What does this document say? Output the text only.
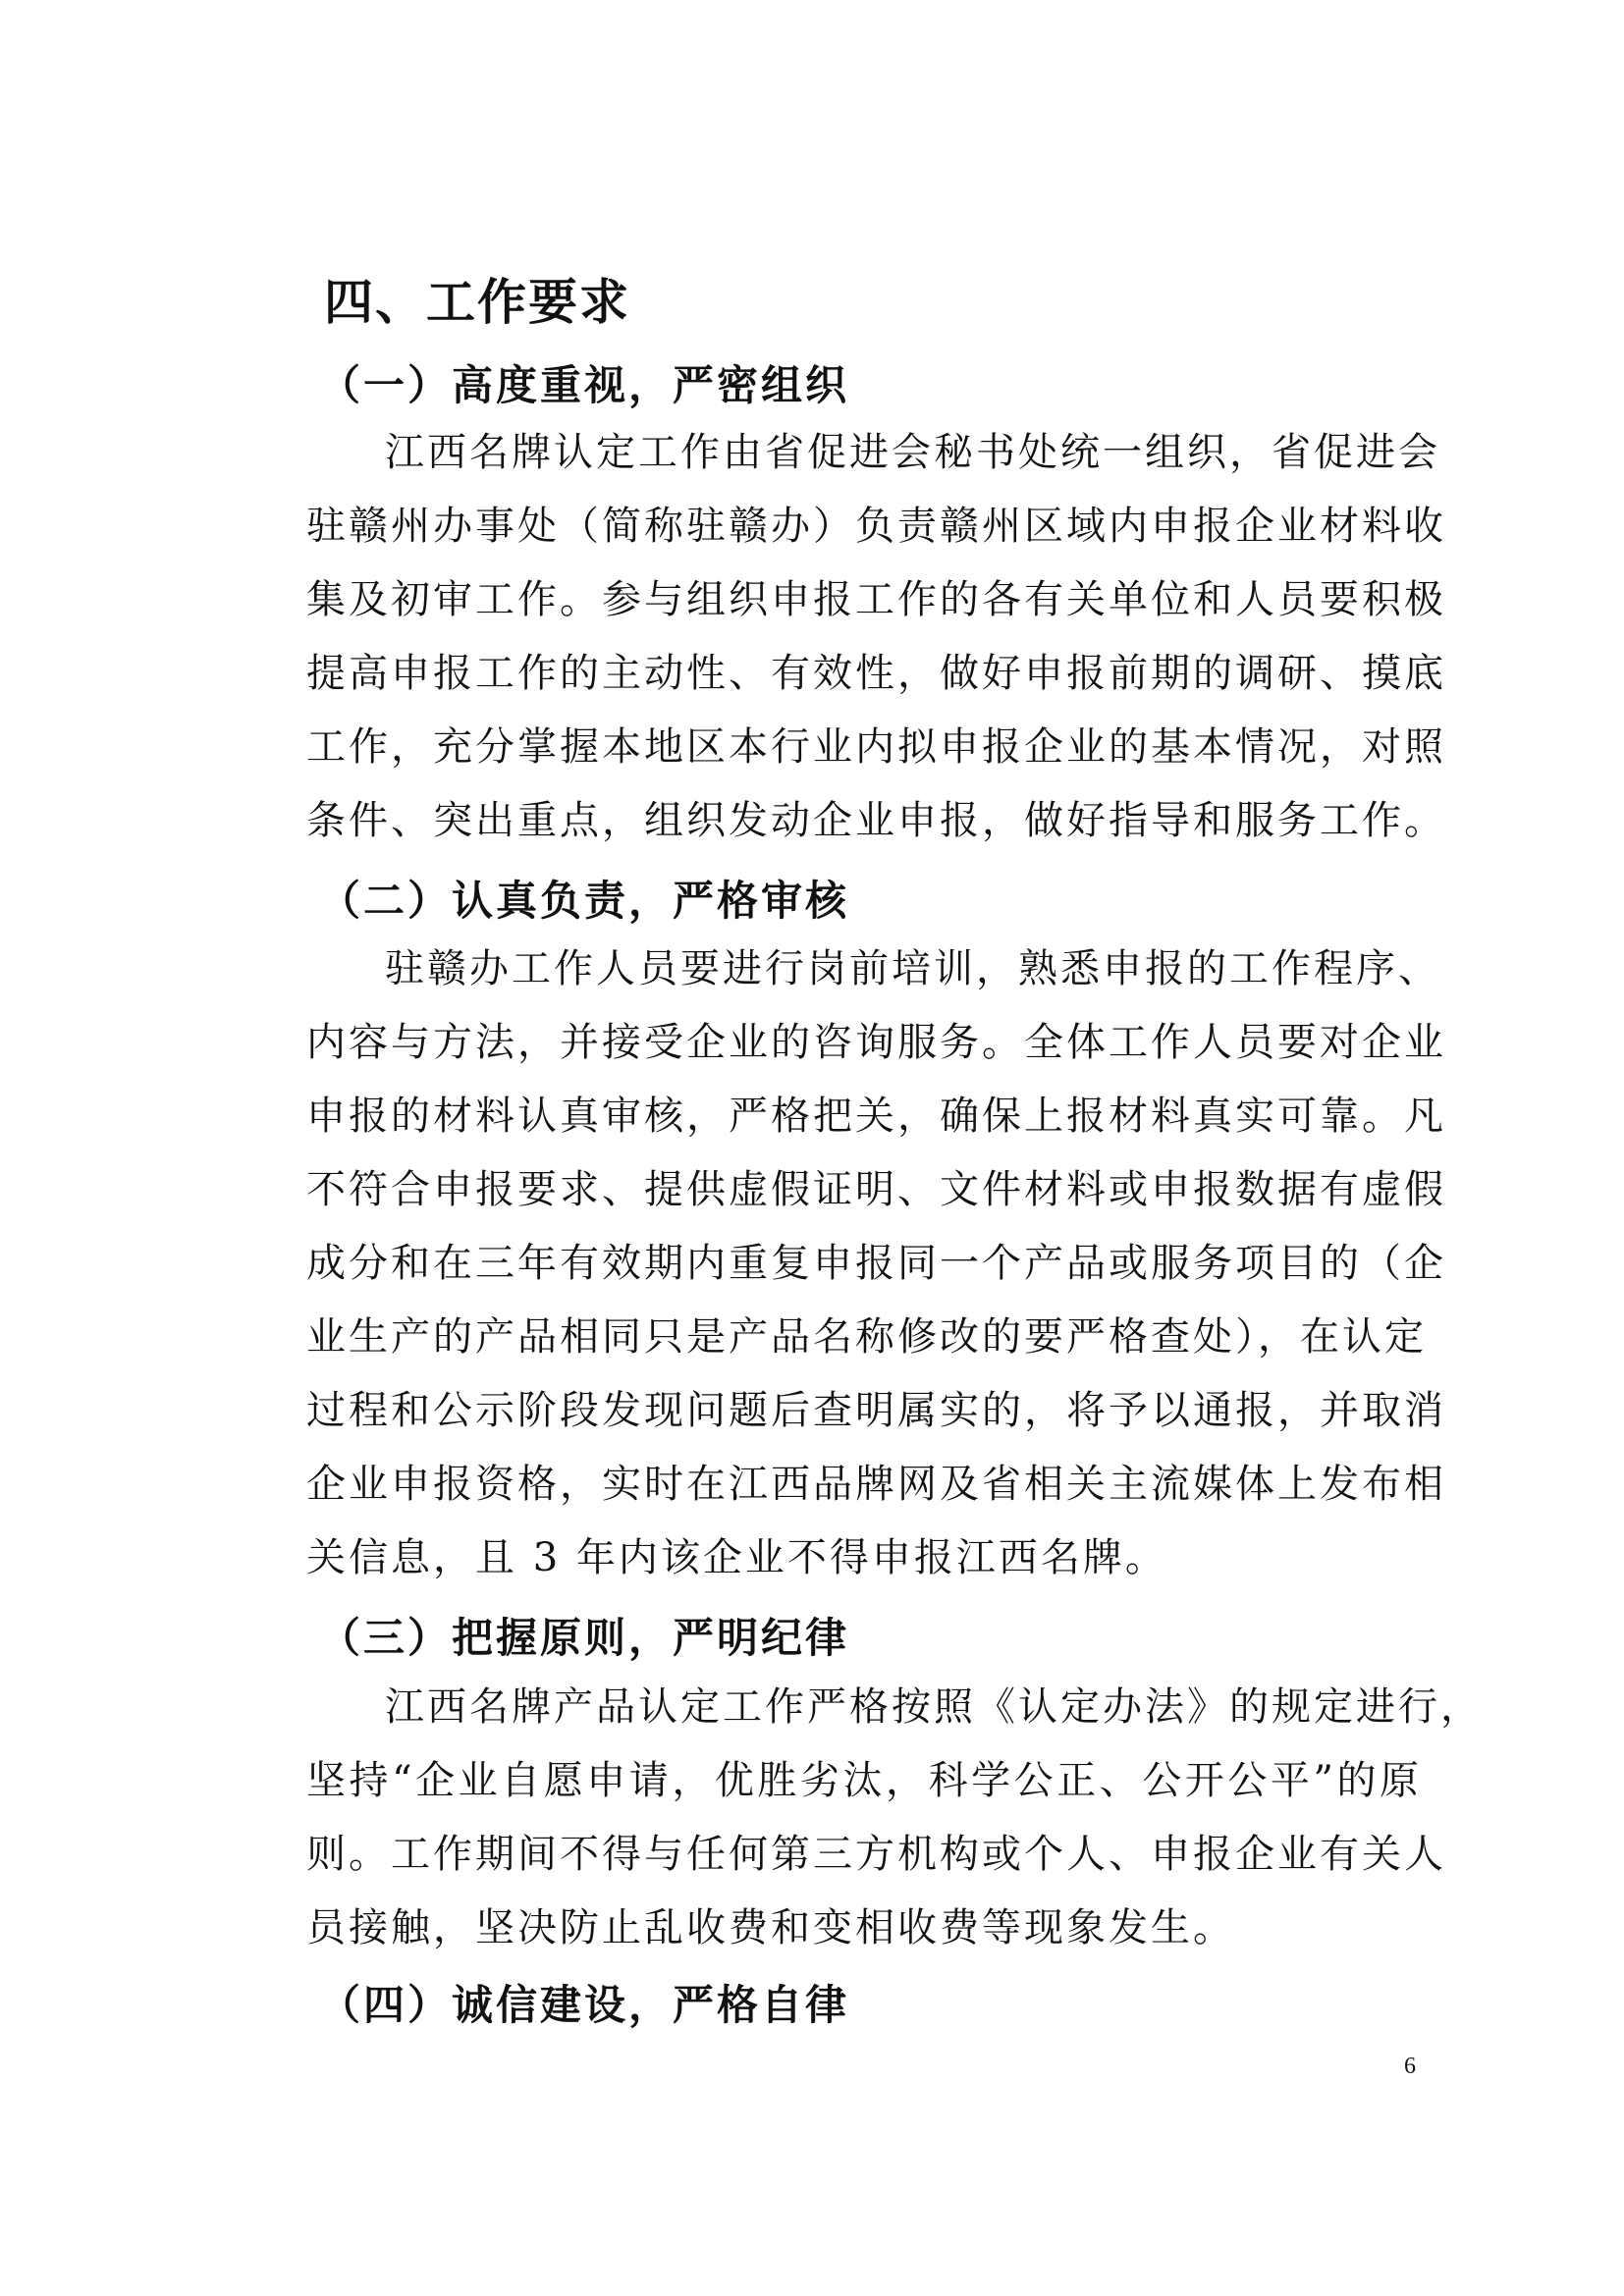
四、工作要求
（一）高度重视，严密组织
江西名牌认定工作由省促进会秘书处统一组织，省促进会
驻赣州办事处（简称驻赣办）负责赣州区域内申报企业材料收
集及初审工作。参与组织申报工作的各有关单位和人员要积极
提高申报工作的主动性、有效性，做好申报前期的调研、摸底
工作，充分掌握本地区本行业内拟申报企业的基本情况，对照
条件、突出重点，组织发动企业申报，做好指导和服务工作。
（二）认真负责，严格审核
驻赣办工作人员要进行岗前培训，熟悉申报的工作程序、
内容与方法，并接受企业的咨询服务。全体工作人员要对企业
申报的材料认真审核，严格把关，确保上报材料真实可靠。凡
不符合申报要求、提供虚假证明、文件材料或申报数据有虚假
成分和在三年有效期内重复申报同一个产品或服务项目的（企
业生产的产品相同只是产品名称修改的要严格查处），在认定
过程和公示阶段发现问题后查明属实的，将予以通报，并取消
企业申报资格，实时在江西品牌网及省相关主流媒体上发布相
关信息，且 3 年内该企业不得申报江西名牌。
（三）把握原则，严明纪律
江西名牌产品认定工作严格按照《认定办法》的规定进行，
坚持“企业自愿申请，优胜劣汰，科学公正、公开公平”的原
则。工作期间不得与任何第三方机构或个人、申报企业有关人
员接触，坚决防止乱收费和变相收费等现象发生。
（四）诚信建设，严格自律
6
